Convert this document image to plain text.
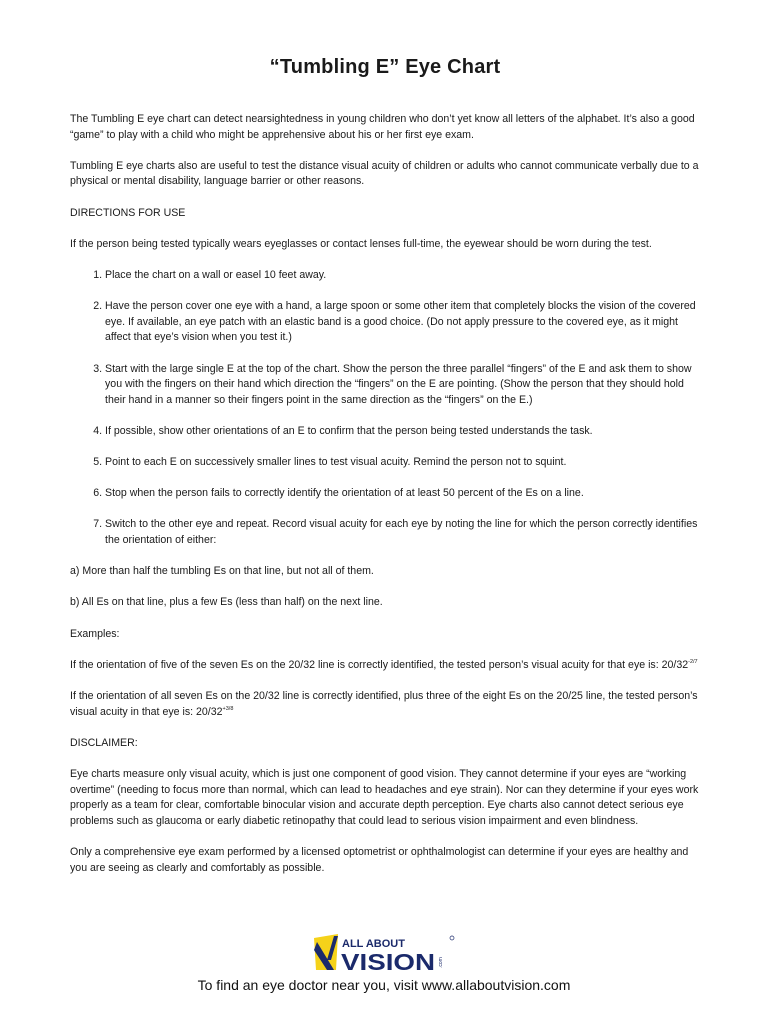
“Tumbling E” Eye Chart

The Tumbling E eye chart can detect nearsightedness in young children who don’t yet know all letters of the alphabet. It’s also a good “game” to play with a child who might be apprehensive about his or her first eye exam.

Tumbling E eye charts also are useful to test the distance visual acuity of children or adults who cannot communicate verbally due to a physical or mental disability, language barrier or other reasons.

DIRECTIONS FOR USE

If the person being tested typically wears eyeglasses or contact lenses full-time, the eyewear should be worn during the test.

1. Place the chart on a wall or easel 10 feet away.
2. Have the person cover one eye with a hand, a large spoon or some other item that completely blocks the vision of the covered eye. If available, an eye patch with an elastic band is a good choice. (Do not apply pressure to the covered eye, as it might affect that eye’s vision when you test it.)
3. Start with the large single E at the top of the chart. Show the person the three parallel “fingers” of the E and ask them to show you with the fingers on their hand which direction the “fingers” on the E are pointing. (Show the person that they should hold their hand in a manner so their fingers point in the same direction as the “fingers” on the E.)
4. If possible, show other orientations of an E to confirm that the person being tested understands the task.
5. Point to each E on successively smaller lines to test visual acuity. Remind the person not to squint.
6. Stop when the person fails to correctly identify the orientation of at least 50 percent of the Es on a line.
7. Switch to the other eye and repeat. Record visual acuity for each eye by noting the line for which the person correctly identifies the orientation of either:

a) More than half the tumbling Es on that line, but not all of them.

b) All Es on that line, plus a few Es (less than half) on the next line.

Examples:

If the orientation of five of the seven Es on the 20/32 line is correctly identified, the tested person’s visual acuity for that eye is: $20/32^{-2/7}$

If the orientation of all seven Es on the 20/32 line is correctly identified, plus three of the eight Es on the 20/25 line, the tested person’s visual acuity in that eye is: $20/32^{+3/8}$

DISCLAIMER:

Eye charts measure only visual acuity, which is just one component of good vision. They cannot determine if your eyes are “working overtime” (needing to focus more than normal, which can lead to headaches and eye strain). Nor can they determine if your eyes work properly as a team for clear, comfortable binocular vision and accurate depth perception. Eye charts also cannot detect serious eye problems such as glaucoma or early diabetic retinopathy that could lead to serious vision impairment and even blindness.

Only a comprehensive eye exam performed by a licensed optometrist or ophthalmologist can determine if your eyes are healthy and you are seeing as clearly and comfortably as possible.

ALL ABOUT
VISION .com
To find an eye doctor near you, visit www.allaboutvision.com
